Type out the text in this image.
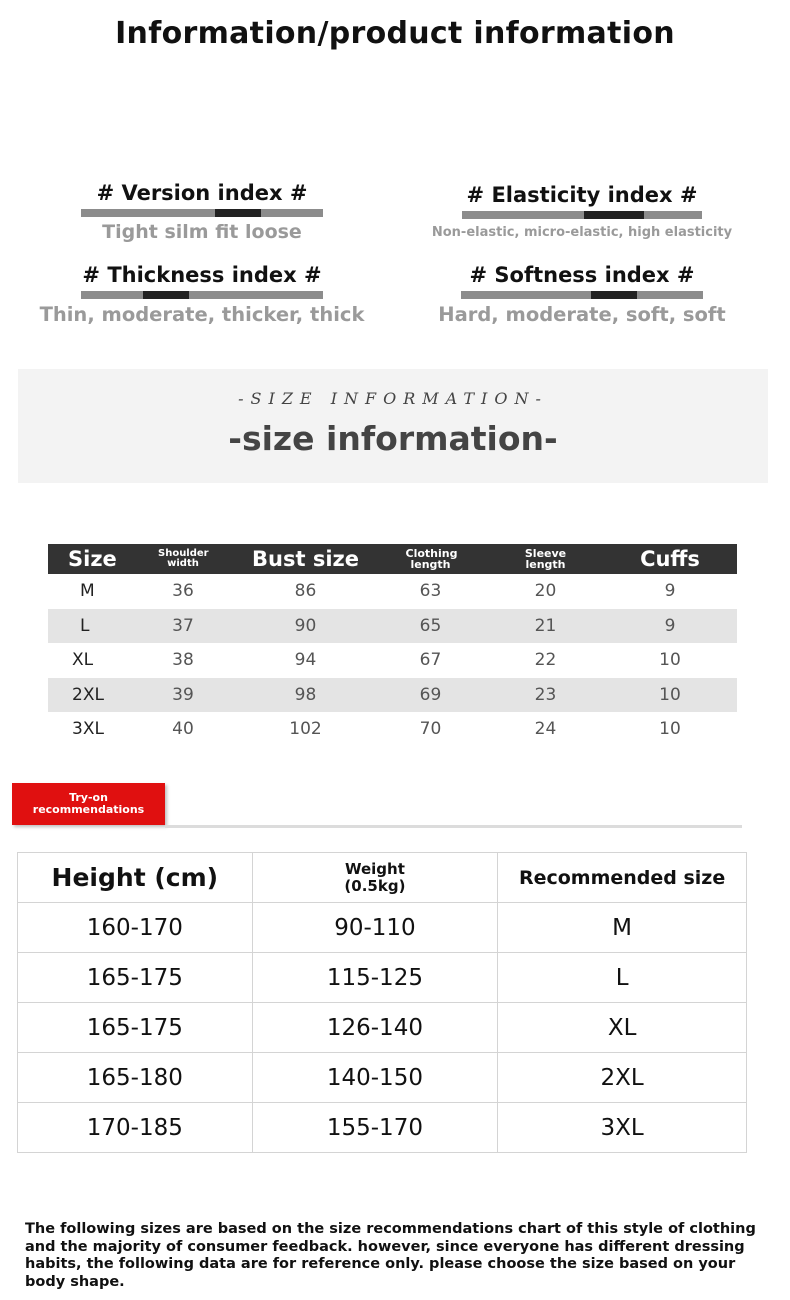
Information/product information
# Version index #
Tight silm fit loose
# Elasticity index #
Non-elastic, micro-elastic, high elasticity
# Thickness index #
Thin, moderate, thicker, thick
# Softness index #
Hard, moderate, soft, soft
-SIZE INFORMATION-
-size information-
Size	Shoulder width	Bust size	Clothing length	Sleeve length	Cuffs
M	36	86	63	20	9
L	37	90	65	21	9
XL	38	94	67	22	10
2XL	39	98	69	23	10
3XL	40	102	70	24	10
Try-on recommendations
Height (cm)	Weight (0.5kg)	Recommended size
160-170	90-110	M
165-175	115-125	L
165-175	126-140	XL
165-180	140-150	2XL
170-185	155-170	3XL
The following sizes are based on the size recommendations chart of this style of clothing and the majority of consumer feedback. however, since everyone has different dressing habits, the following data are for reference only. please choose the size based on your body shape.
